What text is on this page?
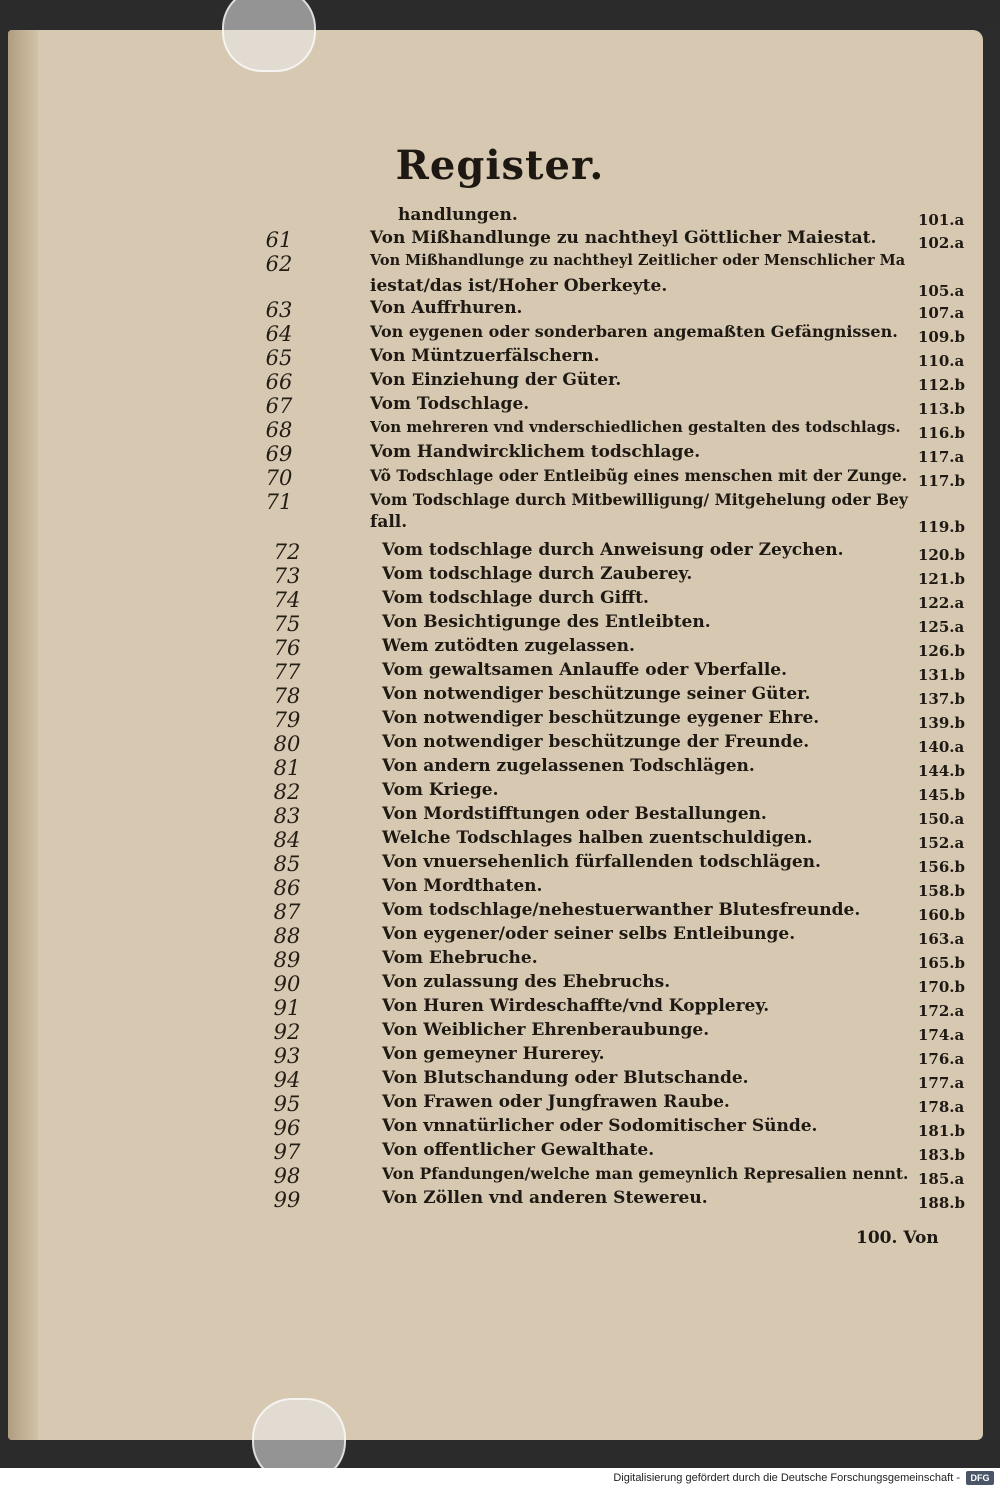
Register.
handlungen.	101.a
61	Von Mißhandlunge zu nachtheyl Göttlicher Maiestat.	102.a
62	Von Mißhandlunge zu nachtheyl Zeitlicher oder Menschlicher Ma
iestat/das ist/Hoher Oberkeyte.	105.a
63	Von Auffrhuren.	107.a
64	Von eygenen oder sonderbaren angemaßten Gefängnissen. 109.b
65	Von Müntzuerfälschern.	110.a
66	Von Einziehung der Güter.	112.b
67	Vom Todschlage.	113.b
68	Von mehreren vnd vnderschiedlichen gestalten des todschlags. 116.b
69	Vom Handwircklichem todschlage.	117.a
70	Võ Todschlage oder Entleibũg eines menschen mit der Zunge. 117.b
71	Vom Todschlage durch Mitbewilligung/ Mitgehelung oder Bey
fall.	119.b
72	Vom todschlage durch Anweisung oder Zeychen.	120.b
73	Vom todschlage durch Zauberey.	121.b
74	Vom todschlage durch Gifft.	122.a
75	Von Besichtigunge des Entleibten.	125.a
76	Wem zutödten zugelassen.	126.b
77	Vom gewaltsamen Anlauffe oder Vberfalle.	131.b
78	Von notwendiger beschützunge seiner Güter.	137.b
79	Von notwendiger beschützunge eygener Ehre.	139.b
80	Von notwendiger beschützunge der Freunde.	140.a
81	Von andern zugelassenen Todschlägen.	144.b
82	Vom Kriege.	145.b
83	Von Mordstifftungen oder Bestallungen.	150.a
84	Welche Todschlages halben zuentschuldigen.	152.a
85	Von vnuersehenlich fürfallenden todschlägen.	156.b
86	Von Mordthaten.	158.b
87	Vom todschlage/nehestuerwanther Blutesfreunde.	160.b
88	Von eygener/oder seiner selbs Entleibunge.	163.a
89	Vom Ehebruche.	165.b
90	Von zulassung des Ehebruchs.	170.b
91	Von Huren Wirdeschaffte/vnd Kopplerey.	172.a
92	Von Weiblicher Ehrenberaubunge.	174.a
93	Von gemeyner Hurerey.	176.a
94	Von Blutschandung oder Blutschande.	177.a
95	Von Frawen oder Jungfrawen Raube.	178.a
96	Von vnnatürlicher oder Sodomitischer Sünde.	181.b
97	Von offentlicher Gewalthate.	183.b
98	Von Pfandungen/welche man gemeynlich Represalien nennt. 185.a
99	Von Zöllen vnd anderen Stewereu.	188.b
100. Von
Digitalisierung gefördert durch die Deutsche Forschungsgemeinschaft -	DFG
